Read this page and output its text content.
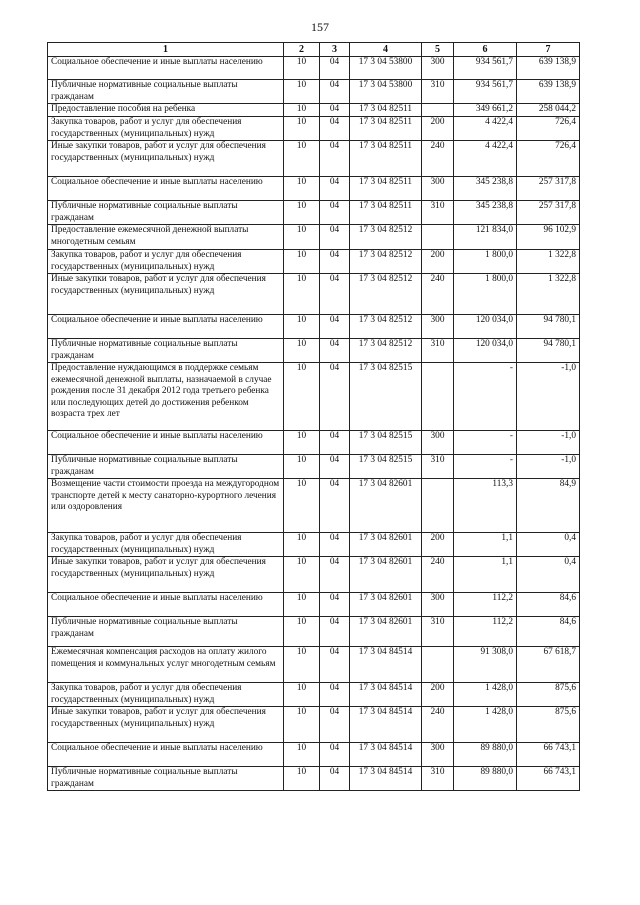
157
1	2	3	4	5	6	7
Социальное обеспечение и иные выплаты населению	10	04	17 3 04 53800	300	934 561,7	639 138,9
Публичные нормативные социальные выплаты гражданам	10	04	17 3 04 53800	310	934 561,7	639 138,9
Предоставление пособия на ребенка	10	04	17 3 04 82511		349 661,2	258 044,2
Закупка товаров, работ и услуг для обеспечения государственных (муниципальных) нужд	10	04	17 3 04 82511	200	4 422,4	726,4
Иные закупки товаров, работ и услуг для обеспечения государственных (муниципальных) нужд	10	04	17 3 04 82511	240	4 422,4	726,4
Социальное обеспечение и иные выплаты населению	10	04	17 3 04 82511	300	345 238,8	257 317,8
Публичные нормативные социальные выплаты гражданам	10	04	17 3 04 82511	310	345 238,8	257 317,8
Предоставление ежемесячной денежной выплаты многодетным семьям	10	04	17 3 04 82512		121 834,0	96 102,9
Закупка товаров, работ и услуг для обеспечения государственных (муниципальных) нужд	10	04	17 3 04 82512	200	1 800,0	1 322,8
Иные закупки товаров, работ и услуг для обеспечения государственных (муниципальных) нужд	10	04	17 3 04 82512	240	1 800,0	1 322,8
Социальное обеспечение и иные выплаты населению	10	04	17 3 04 82512	300	120 034,0	94 780,1
Публичные нормативные социальные выплаты гражданам	10	04	17 3 04 82512	310	120 034,0	94 780,1
Предоставление нуждающимся в поддержке семьям ежемесячной денежной выплаты, назначаемой в случае рождения после 31 декабря 2012 года третьего ребенка или последующих детей до достижения ребенком возраста трех лет	10	04	17 3 04 82515		-	-1,0
Социальное обеспечение и иные выплаты населению	10	04	17 3 04 82515	300	-	-1,0
Публичные нормативные социальные выплаты гражданам	10	04	17 3 04 82515	310	-	-1,0
Возмещение части стоимости проезда на междугородном транспорте детей к месту санаторно-курортного лечения или оздоровления	10	04	17 3 04 82601		113,3	84,9
Закупка товаров, работ и услуг для обеспечения государственных (муниципальных) нужд	10	04	17 3 04 82601	200	1,1	0,4
Иные закупки товаров, работ и услуг для обеспечения государственных (муниципальных) нужд	10	04	17 3 04 82601	240	1,1	0,4
Социальное обеспечение и иные выплаты населению	10	04	17 3 04 82601	300	112,2	84,6
Публичные нормативные социальные выплаты гражданам	10	04	17 3 04 82601	310	112,2	84,6
Ежемесячная компенсация расходов на оплату жилого помещения и коммунальных услуг многодетным семьям	10	04	17 3 04 84514		91 308,0	67 618,7
Закупка товаров, работ и услуг для обеспечения государственных (муниципальных) нужд	10	04	17 3 04 84514	200	1 428,0	875,6
Иные закупки товаров, работ и услуг для обеспечения государственных (муниципальных) нужд	10	04	17 3 04 84514	240	1 428,0	875,6
Социальное обеспечение и иные выплаты населению	10	04	17 3 04 84514	300	89 880,0	66 743,1
Публичные нормативные социальные выплаты гражданам	10	04	17 3 04 84514	310	89 880,0	66 743,1
